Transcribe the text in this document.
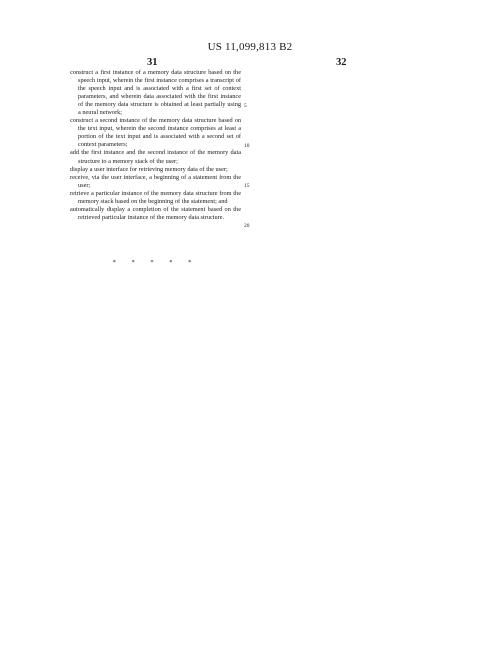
US 11,099,813 B2
31	32

construct a first instance of a memory data structure based on the speech input, wherein the first instance comprises a transcript of the speech input and is associated with a first set of context parameters, and wherein data associated with the first instance of the memory data structure is obtained at least partially using a neural network;

construct a second instance of the memory data structure based on the text input, wherein the second instance comprises at least a portion of the text input and is associated with a second set of context parameters;

add the first instance and the second instance of the memory data structure to a memory stack of the user;

display a user interface for retrieving memory data of the user;

receive, via the user interface, a beginning of a statement from the user;

retrieve a particular instance of the memory data structure from the memory stack based on the beginning of the statement; and

automatically display a completion of the statement based on the retrieved particular instance of the memory data structure.

5
10
15
20
* * * * *
